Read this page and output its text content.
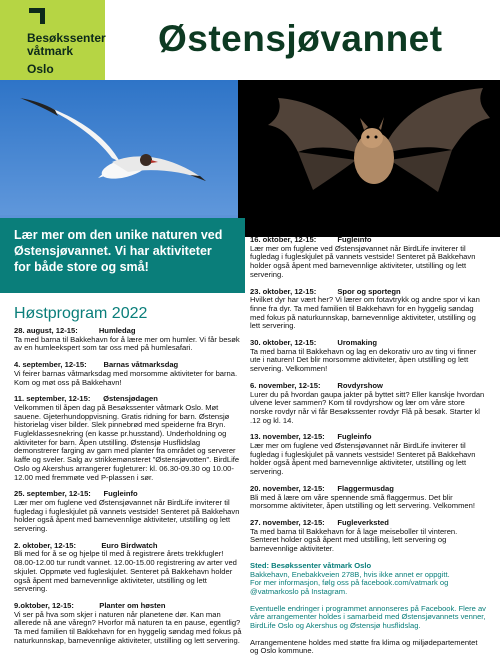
Besøkssenter
våtmark
Oslo
Østensjøvannet
Lær mer om den unike naturen ved Østensjøvannet. Vi har aktiviteter for både store og små!
Høstprogram 2022
28. august, 12-15:          Humledag
Ta med barna til Bakkehavn for å lære mer om humler. Vi får besøk av en humleekspert som tar oss med på humlesafari.
4. september, 12-15:        Barnas våtmarksdag
Vi feirer barnas våtmarksdag med morsomme aktiviteter for barna. Kom og møt oss på Bakkehavn!
11. september, 12-15:      Østensjødagen
Velkommen til åpen dag på Besøkssenter våtmark Oslo. Møt sauene. Gjeterhundoppvisning. Gratis ridning for barn. Østensjø historielag viser bilder. Slek pinnebrød med speiderne fra Bryn. Fugleklassesnekring (en kasse pr.husstand). Underholdning og aktiviteter for barn. Åpen utstilling. Østensjø Husflidslag demonstrerer farging av garn med planter fra området og serverer kaffe og sveler. Salg av strikkemønsteret "Østensjøvotten". BirdLife Oslo og Akershus arrangerer fugleturer: kl. 06.30-09.30 og 10.00-12.00 med fremmøte ved P-plassen i sør.
25. september, 12-15:      Fugleinfo
Lær mer om fuglene ved Østensjøvannet når BirdLife inviterer til fugledag i fugleskjulet på vannets vestside! Senteret på Bakkehavn holder også åpent med barnevennlige aktiviteter, utstilling og lett servering.
2. oktober, 12-15:            Euro Birdwatch
Bli med for å se og hjelpe til med å registrere årets trekkfugler! 08.00-12.00 tur rundt vannet. 12.00-15.00 registrering av arter ved skjulet. Oppmøte ved fugleskjulet. Senteret på Bakkehavn holder også åpent med barnevennlige aktiviteter, utstilling og lett servering.
9.oktober, 12-15:            Planter om høsten
Vi ser på hva som skjer i naturen når planetene dør. Kan man allerede nå ane våregn? Hvorfor må naturen ta en pause, egentlig? Ta med familien til Bakkehavn for en hyggelig søndag med fokus på naturkunnskap, barnevennlige aktiviteter, utstilling og lett servering.
16. oktober, 12-15:          Fugleinfo
Lær mer om fuglene ved Østensjøvannet når BirdLife inviterer til fugledag i fugleskjulet på vannets vestside! Senteret på Bakkehavn holder også åpent med barnevennlige aktiviteter, utstilling og lett servering.
23. oktober, 12-15:          Spor og sportegn
Hvilket dyr har vært her? Vi lærer om fotavtrykk og andre spor vi kan finne fra dyr. Ta med familien til Bakkehavn for en hyggelig søndag med fokus på naturkunnskap, barnevennlige aktiviteter, utstilling og lett servering.
30. oktober, 12-15:          Uromaking
Ta med barna til Bakkehavn og lag en dekorativ uro av ting vi finner ute i naturen! Det blir morsomme aktiviteter, åpen utstilling og lett servering. Velkommen!
6. november, 12-15:        Rovdyrshow
Lurer du på hvordan gaupa jakter på byttet sitt? Eller kanskje hvordan ulvene lever sammen? Kom til rovdyrshow og lær om våre store norske rovdyr når vi får Besøkssenter rovdyr Flå på besøk. Starter kl .12 og kl. 14.
13. november, 12-15:      Fugleinfo
Lær mer om fuglene ved Østensjøvannet når BirdLife inviterer til fugledag i fugleskjulet på vannets vestside! Senteret på Bakkehavn holder også åpent med barnevennlige aktiviteter, utstilling og lett servering.
20. november, 12-15:      Flaggermusdag
Bli med å lære om våre spennende små flaggermus. Det blir morsomme aktiviteter, åpen utstilling og lett servering. Velkommen!
27. november, 12-15:      Fugleverksted
Ta med barna til Bakkehavn for å lage meiseboller til vinteren. Senteret holder også åpent med utstilling, lett servering og barnevennlige aktiviteter.
Sted: Besøkssenter våtmark Oslo
Bakkehavn, Enebakkveien 278B, hvis ikke annet er oppgitt.
For mer informasjon, følg oss på facebook.com/vatmark og @vatmarkoslo på Instagram.
Eventuelle endringer i programmet annonseres på Facebook. Flere av våre arrangementer holdes i samarbeid med Østensjøvannets venner, BirdLife Oslo og Akershus og Østensjø husflidslag.
Arrangementene holdes med støtte fra klima og miljødepartementet og Oslo kommune.
